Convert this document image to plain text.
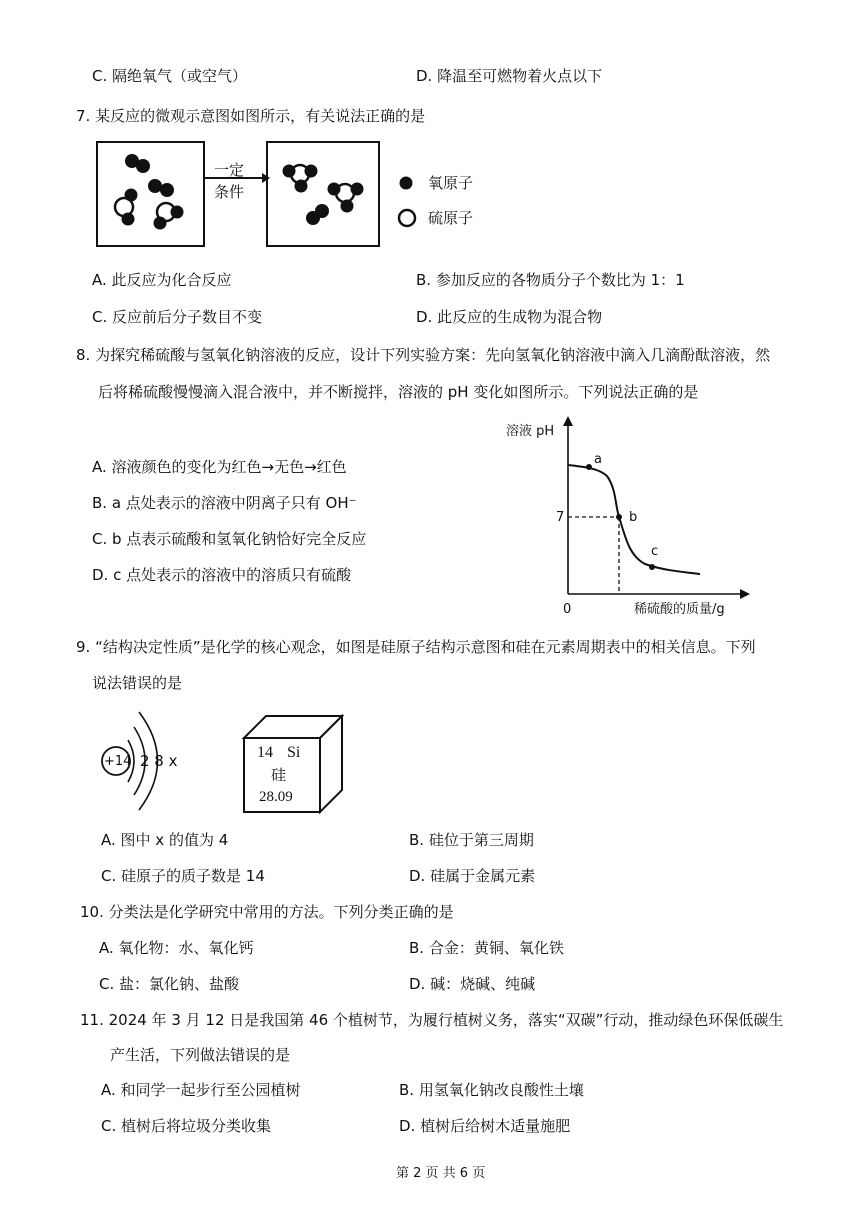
C. 隔绝氧气（或空气）	D. 降温至可燃物着火点以下
7. 某反应的微观示意图如图所示，有关说法正确的是
一定
条件	氧原子
硫原子
A. 此反应为化合反应	B. 参加反应的各物质分子个数比为 1：1
C. 反应前后分子数目不变	D. 此反应的生成物为混合物
8. 为探究稀硫酸与氢氧化钠溶液的反应，设计下列实验方案：先向氢氧化钠溶液中滴入几滴酚酞溶液，然
后将稀硫酸慢慢滴入混合液中，并不断搅拌，溶液的 pH 变化如图所示。下列说法正确的是
A. 溶液颜色的变化为红色→无色→红色
B. a 点处表示的溶液中阴离子只有 OH⁻
C. b 点表示硫酸和氢氧化钠恰好完全反应
D. c 点处表示的溶液中的溶质只有硫酸
溶液 pH
a
7	b
c
0	稀硫酸的质量/g
9. “结构决定性质”是化学的核心观念，如图是硅原子结构示意图和硅在元素周期表中的相关信息。下列
说法错误的是
+14 2 8 x	14 Si
硅
28.09
A. 图中 x 的值为 4	B. 硅位于第三周期
C. 硅原子的质子数是 14	D. 硅属于金属元素
10. 分类法是化学研究中常用的方法。下列分类正确的是
A. 氧化物：水、氧化钙	B. 合金：黄铜、氧化铁
C. 盐：氯化钠、盐酸	D. 碱：烧碱、纯碱
11. 2024 年 3 月 12 日是我国第 46 个植树节，为履行植树义务，落实“双碳”行动，推动绿色环保低碳生
产生活，下列做法错误的是
A. 和同学一起步行至公园植树	B. 用氢氧化钠改良酸性土壤
C. 植树后将垃圾分类收集	D. 植树后给树木适量施肥
第 2 页 共 6 页
